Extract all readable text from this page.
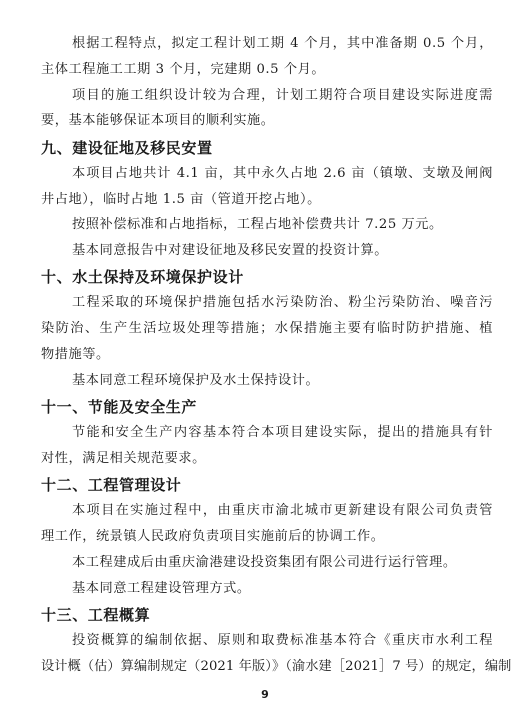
根据工程特点，拟定工程计划工期 4 个月，其中准备期 0.5 个月，
主体工程施工工期 3 个月，完建期 0.5 个月。
项目的施工组织设计较为合理，计划工期符合项目建设实际进度需
要，基本能够保证本项目的顺利实施。
九、建设征地及移民安置
本项目占地共计 4.1 亩，其中永久占地 2.6 亩（镇墩、支墩及闸阀
井占地），临时占地 1.5 亩（管道开挖占地）。
按照补偿标准和占地指标，工程占地补偿费共计 7.25 万元。
基本同意报告中对建设征地及移民安置的投资计算。
十、水土保持及环境保护设计
工程采取的环境保护措施包括水污染防治、粉尘污染防治、噪音污
染防治、生产生活垃圾处理等措施；水保措施主要有临时防护措施、植
物措施等。
基本同意工程环境保护及水土保持设计。
十一、节能及安全生产
节能和安全生产内容基本符合本项目建设实际，提出的措施具有针
对性，满足相关规范要求。
十二、工程管理设计
本项目在实施过程中，由重庆市渝北城市更新建设有限公司负责管
理工作，统景镇人民政府负责项目实施前后的协调工作。
本工程建成后由重庆渝港建设投资集团有限公司进行运行管理。
基本同意工程建设管理方式。
十三、工程概算
投资概算的编制依据、原则和取费标准基本符合《重庆市水利工程
设计概（估）算编制规定（2021 年版）》（渝水建［2021］7 号）的规定，编制
9
